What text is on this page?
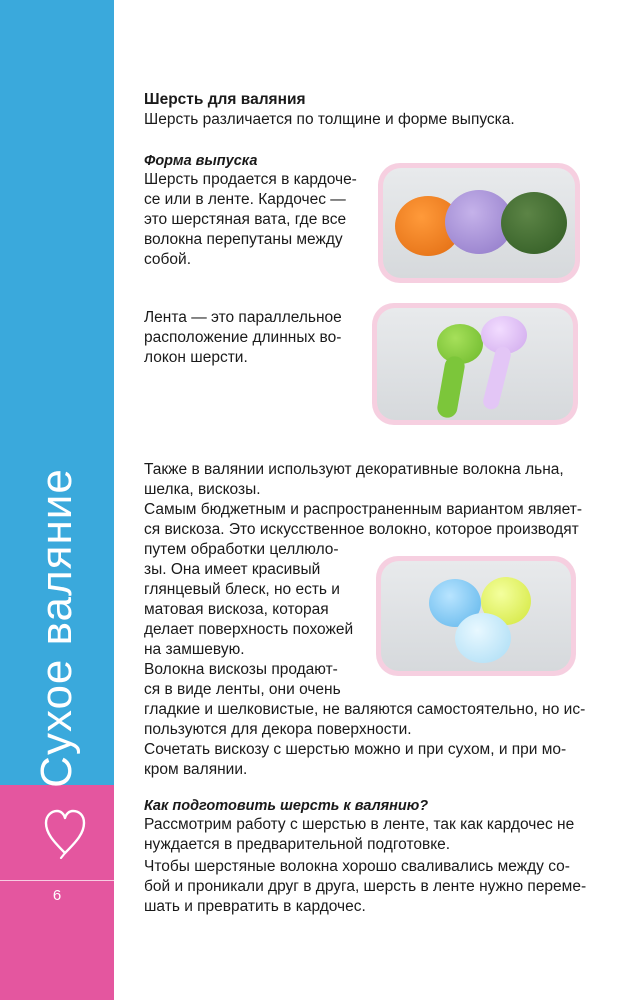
Сухое валяние
6
Шерсть для валяния
Шерсть различается по толщине и форме выпуска.
Форма выпуска
Шерсть продается в кардоче-
се или в ленте. Кардочес —
это шерстяная вата, где все
волокна перепутаны между
собой.
Лента — это параллельное
расположение длинных во-
локон шерсти.
Также в валянии используют декоративные волокна льна,
шелка, вискозы.
Самым бюджетным и распространенным вариантом являет-
ся вискоза. Это искусственное волокно, которое производят
путем обработки целлюло-
зы. Она имеет красивый
глянцевый блеск, но есть и
матовая вискоза, которая
делает поверхность похожей
на замшевую.
Волокна вискозы продают-
ся в виде ленты, они очень
гладкие и шелковистые, не валяются самостоятельно, но ис-
пользуются для декора поверхности.
Сочетать вискозу с шерстью можно и при сухом, и при мо-
кром валянии.
Как подготовить шерсть к валянию?
Рассмотрим работу с шерстью в ленте, так как кардочес не
нуждается в предварительной подготовке.
Чтобы шерстяные волокна хорошо сваливались между со-
бой и проникали друг в друга, шерсть в ленте нужно переме-
шать и превратить в кардочес.
